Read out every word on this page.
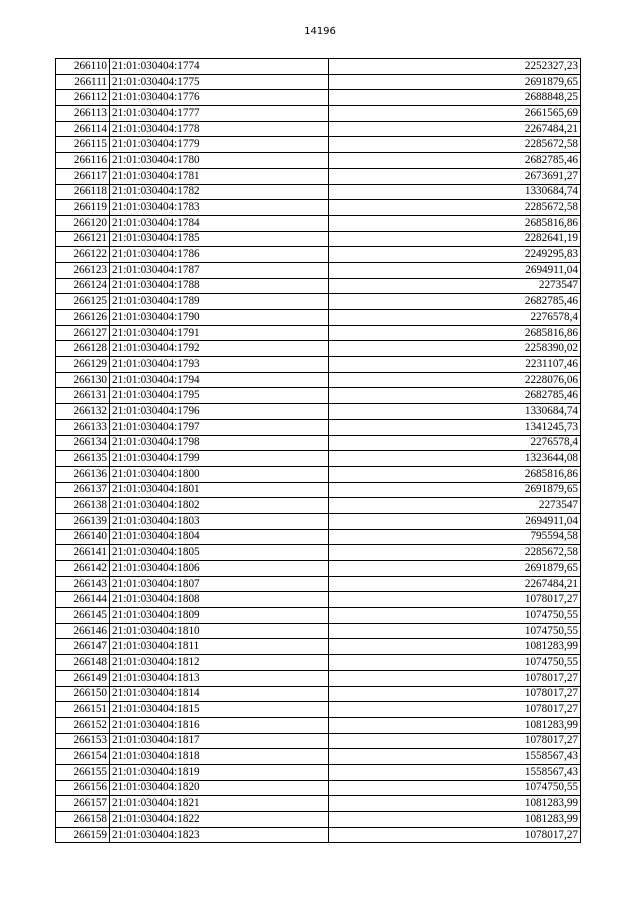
14196
266110	21:01:030404:1774	2252327,23
266111	21:01:030404:1775	2691879,65
266112	21:01:030404:1776	2688848,25
266113	21:01:030404:1777	2661565,69
266114	21:01:030404:1778	2267484,21
266115	21:01:030404:1779	2285672,58
266116	21:01:030404:1780	2682785,46
266117	21:01:030404:1781	2673691,27
266118	21:01:030404:1782	1330684,74
266119	21:01:030404:1783	2285672,58
266120	21:01:030404:1784	2685816,86
266121	21:01:030404:1785	2282641,19
266122	21:01:030404:1786	2249295,83
266123	21:01:030404:1787	2694911,04
266124	21:01:030404:1788	2273547
266125	21:01:030404:1789	2682785,46
266126	21:01:030404:1790	2276578,4
266127	21:01:030404:1791	2685816,86
266128	21:01:030404:1792	2258390,02
266129	21:01:030404:1793	2231107,46
266130	21:01:030404:1794	2228076,06
266131	21:01:030404:1795	2682785,46
266132	21:01:030404:1796	1330684,74
266133	21:01:030404:1797	1341245,73
266134	21:01:030404:1798	2276578,4
266135	21:01:030404:1799	1323644,08
266136	21:01:030404:1800	2685816,86
266137	21:01:030404:1801	2691879,65
266138	21:01:030404:1802	2273547
266139	21:01:030404:1803	2694911,04
266140	21:01:030404:1804	795594,58
266141	21:01:030404:1805	2285672,58
266142	21:01:030404:1806	2691879,65
266143	21:01:030404:1807	2267484,21
266144	21:01:030404:1808	1078017,27
266145	21:01:030404:1809	1074750,55
266146	21:01:030404:1810	1074750,55
266147	21:01:030404:1811	1081283,99
266148	21:01:030404:1812	1074750,55
266149	21:01:030404:1813	1078017,27
266150	21:01:030404:1814	1078017,27
266151	21:01:030404:1815	1078017,27
266152	21:01:030404:1816	1081283,99
266153	21:01:030404:1817	1078017,27
266154	21:01:030404:1818	1558567,43
266155	21:01:030404:1819	1558567,43
266156	21:01:030404:1820	1074750,55
266157	21:01:030404:1821	1081283,99
266158	21:01:030404:1822	1081283,99
266159	21:01:030404:1823	1078017,27
